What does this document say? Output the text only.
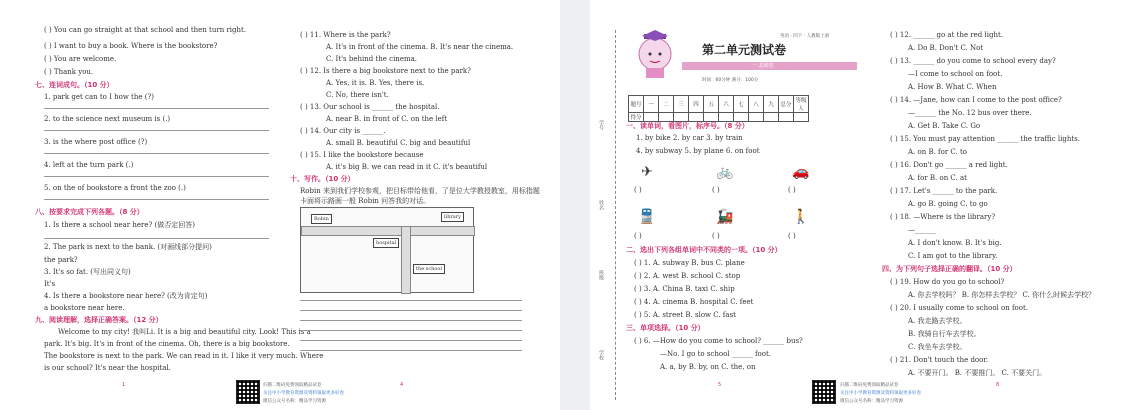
( ) You can go straight at that school and then turn right.
( ) I want to buy a book. Where is the bookstore?
( ) You are welcome.
( ) Thank you.
七、连词成句。（10 分）
1. park get can to I how the (?)
2. to the science next museum is (.)
3. is the where post office (?)
4. left at the turn park (.)
5. on the of bookstore a front the zoo (.)
八、按要求完成下列各题。（8 分）
1. Is there a school near here? (做否定回答)
2. The park is next to the bank. (对画线部分提问)
the park?
3. It's so fat. (写出同义句)
It's
4. Is there a bookstore near here? (改为肯定句)
a bookstore near here.
九、阅读理解，选择正确答案。（12 分）
Welcome to my city! 我叫Li. It is a big and beautiful city. Look! This is a
park. It's big. It's in front of the cinema. Oh, there is a big bookstore.
The bookstore is next to the park. We can read in it. I like it very much. Where
is our school? It's near the hospital.
( ) 11. Where is the park?
A. It's in front of the cinema. B. It's near the cinema.
C. It's behind the cinema.
( ) 12. Is there a big bookstore next to the park?
A. Yes, it is. B. Yes, there is.
C. No, there isn't.
( ) 13. Our school is ______ the hospital.
A. near B. in front of C. on the left
( ) 14. Our city is ______.
A. small B. beautiful C. big and beautiful
( ) 15. I like the bookstore because
A. it's big B. we can read in it C. it's beautiful
十、写作。（10 分）
Robin 来到我们学校参观，把目标带给他看，了是位大学教授教室，用标指题
卡面将示路画一般 Robin 问答我的对话。
Robin
hospital
the school
library
1	4
扫描二维码免费领取精品试卷
关注中小学教育资源及资料领取更多好卷
微信公众号名称：精品学习资源
学号
姓名
班级
学校
英语 · 四下 · 人教版上册
第二单元测试卷
一 基础卷
时间：60分钟 满分：100分
题号	一	二	三	四	五	六	七	八	九	总分	等级人
得分											
一、读单词，看图片，标序号。（8 分）
1. by bike 2. by car 3. by train
4. by subway 5. by plane 6. on foot
✈	🚲	🚗
( )	( )	( )
🚆	🚂	🚶
( )	( )	( )
二、选出下列各组单词中不同类的一项。（10 分）
( ) 1. A. subway B. bus C. plane
( ) 2. A. west B. school C. stop
( ) 3. A. China B. taxi C. ship
( ) 4. A. cinema B. hospital C. feet
( ) 5. A. street B. slow C. fast
三、单项选择。（10 分）
( ) 6. —How do you come to school? ______ bus?
—No. I go to school ______ foot.
A. a, by B. by, on C. the, on
( ) 12. ______ go at the red light.
A. Do B. Don't C. Not
( ) 13. ______ do you come to school every day?
—I come to school on foot.
A. How B. What C. When
( ) 14. —Jane, how can I come to the post office?
—______ the No. 12 bus over there.
A. Get B. Take C. Go
( ) 15. You must pay attention ______ the traffic lights.
A. on B. for C. to
( ) 16. Don't go ______ a red light.
A. for B. on C. at
( ) 17. Let's ______ to the park.
A. go B. going C. to go
( ) 18. —Where is the library?
—______
A. I don't know. B. It's big.
C. I am got to the library.
四、为下列句子选择正确的翻译。（10 分）
( ) 19. How do you go to school?
A. 你去学校吗？ B. 你怎样去学校？ C. 你什么时候去学校？
( ) 20. I usually come to school on foot.
A. 我走路去学校。
B. 我骑自行车去学校。
C. 我坐车去学校。
( ) 21. Don't touch the door.
A. 不要开门。 B. 不要推门。 C. 不要关门。
5	8
扫描二维码免费领取精品试卷
关注中小学教育资源及资料领取更多好卷
微信公众号名称：精品学习资源
